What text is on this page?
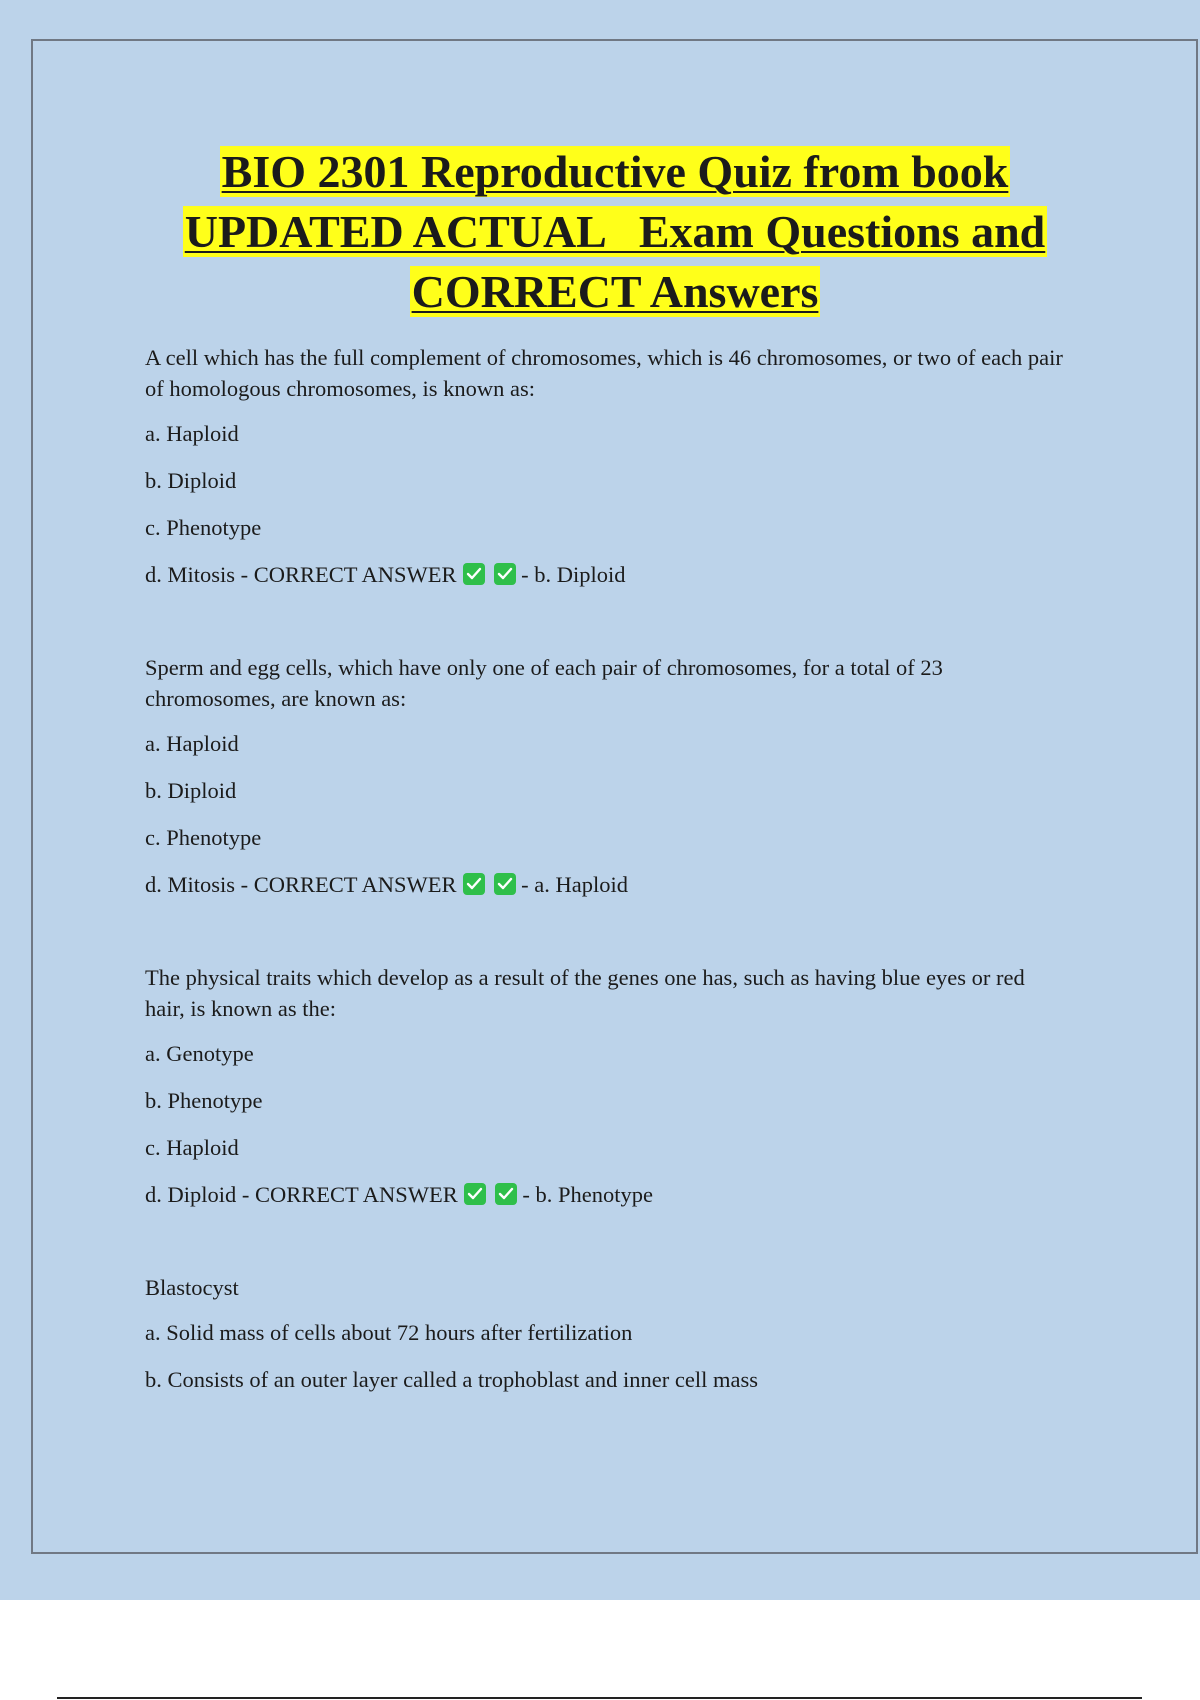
BIO 2301 Reproductive Quiz from book
UPDATED ACTUAL   Exam Questions and
CORRECT Answers

A cell which has the full complement of chromosomes, which is 46 chromosomes, or two of each pair of homologous chromosomes, is known as:

a. Haploid

b. Diploid

c. Phenotype

d. Mitosis - CORRECT ANSWER	- b. Diploid

Sperm and egg cells, which have only one of each pair of chromosomes, for a total of 23 chromosomes, are known as:

a. Haploid

b. Diploid

c. Phenotype

d. Mitosis - CORRECT ANSWER	- a. Haploid

The physical traits which develop as a result of the genes one has, such as having blue eyes or red hair, is known as the:

a. Genotype

b. Phenotype

c. Haploid

d. Diploid - CORRECT ANSWER	- b. Phenotype

Blastocyst

a. Solid mass of cells about 72 hours after fertilization

b. Consists of an outer layer called a trophoblast and inner cell mass
